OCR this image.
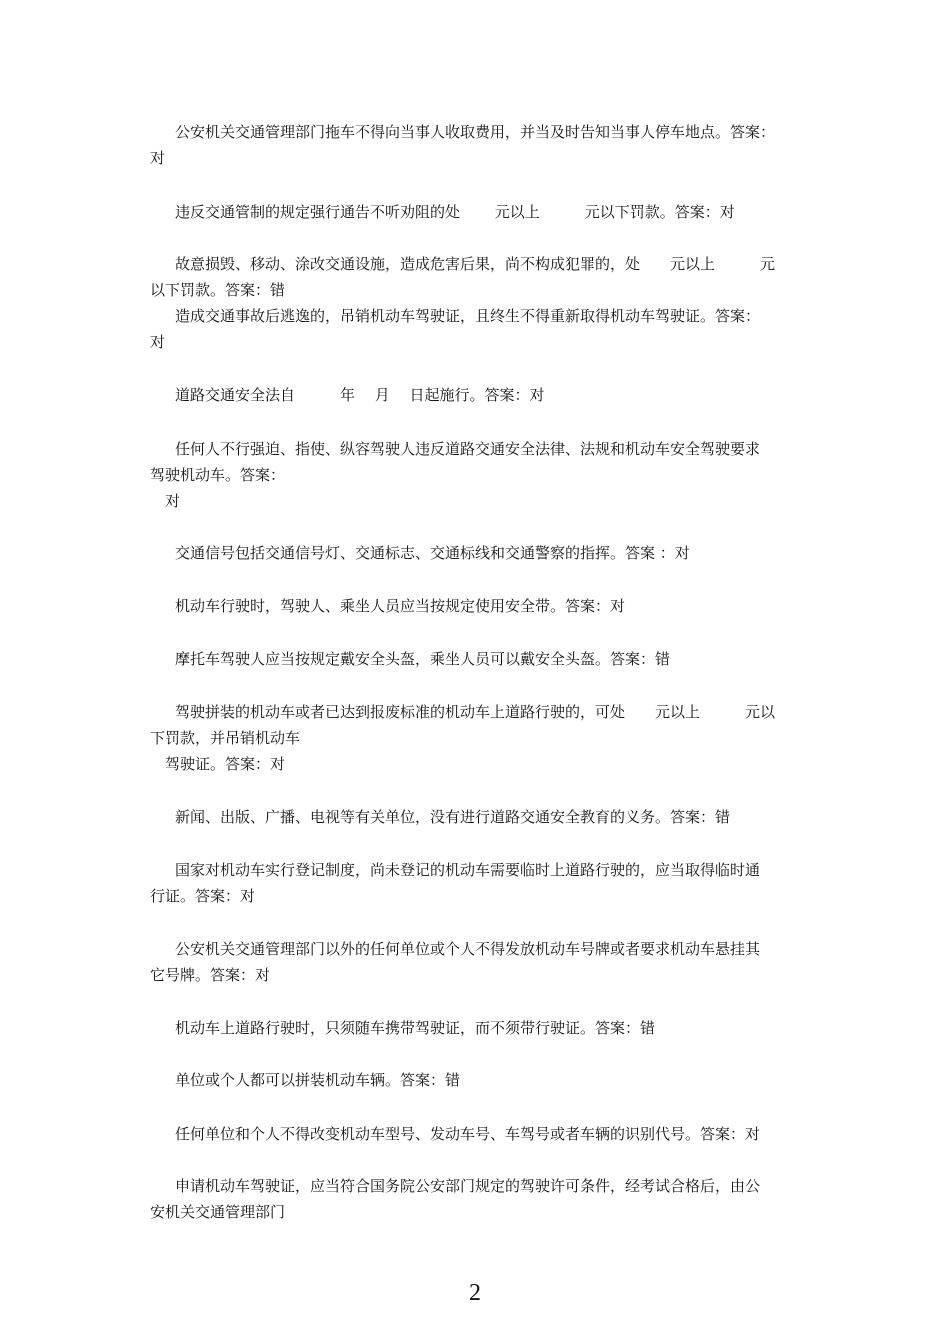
公安机关交通管理部门拖车不得向当事人收取费用，并当及时告知当事人停车地点。答案：
对
违反交通管制的规定强行通告不听劝阻的处　　 元以上　　　元以下罚款。答案：对
故意损毁、移动、涂改交通设施，造成危害后果，尚不构成犯罪的，处　　元以上　　　元
以下罚款。答案：错
造成交通事故后逃逸的，吊销机动车驾驶证，且终生不得重新取得机动车驾驶证。答案：
对
道路交通安全法自　　　年　 月　 日起施行。答案：对
任何人不行强迫、指使、纵容驾驶人违反道路交通安全法律、法规和机动车安全驾驶要求
驾驶机动车。答案：
对
交通信号包括交通信号灯、交通标志、交通标线和交通警察的指挥。答案 ：对
机动车行驶时，驾驶人、乘坐人员应当按规定使用安全带。答案：对
摩托车驾驶人应当按规定戴安全头盔，乘坐人员可以戴安全头盔。答案：错
驾驶拼装的机动车或者已达到报废标准的机动车上道路行驶的，可处　　元以上　　　元以
下罚款，并吊销机动车
驾驶证。答案：对
新闻、出版、广播、电视等有关单位，没有进行道路交通安全教育的义务。答案：错
国家对机动车实行登记制度，尚未登记的机动车需要临时上道路行驶的，应当取得临时通
行证。答案：对
公安机关交通管理部门以外的任何单位或个人不得发放机动车号牌或者要求机动车悬挂其
它号牌。答案：对
机动车上道路行驶时，只须随车携带驾驶证，而不须带行驶证。答案：错
单位或个人都可以拼装机动车辆。答案：错
任何单位和个人不得改变机动车型号、发动车号、车驾号或者车辆的识别代号。答案：对
申请机动车驾驶证，应当符合国务院公安部门规定的驾驶许可条件，经考试合格后，由公
安机关交通管理部门
2
